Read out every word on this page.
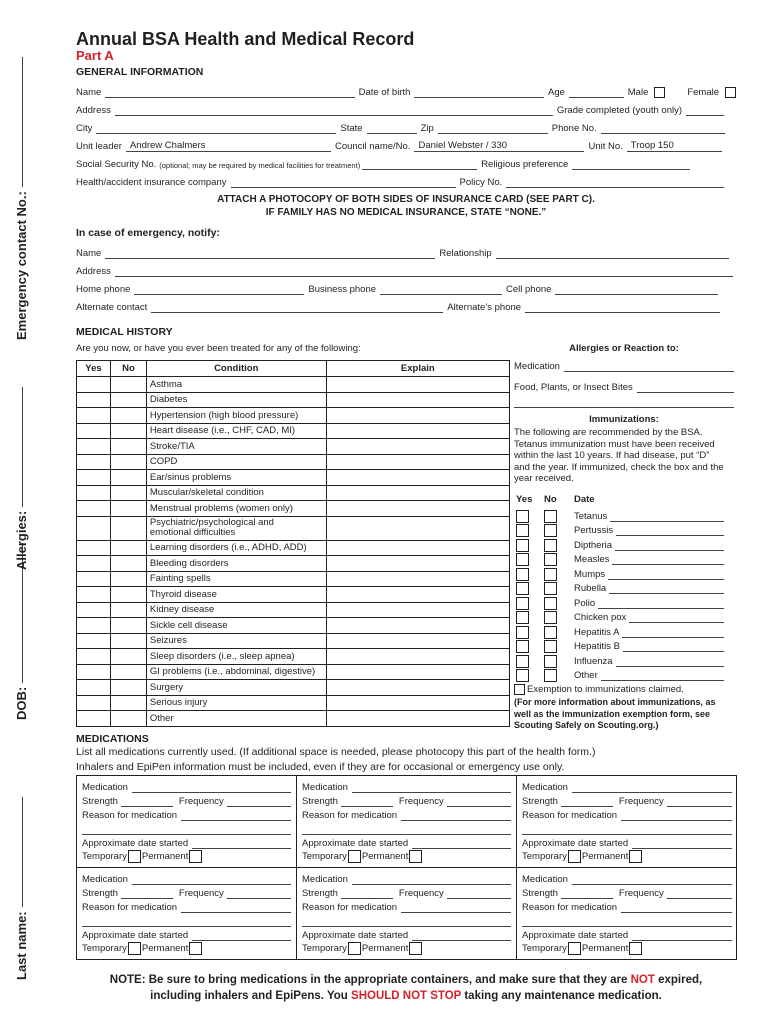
Last name:
DOB:
Allergies:
Emergency contact No.:
Annual BSA Health and Medical Record
Part A
GENERAL INFORMATION
Name	Date of birth	Age	Male	Female
Address	Grade completed (youth only)
City	State	Zip	Phone No.
Unit leader Andrew Chalmers	Council name/No. Daniel Webster / 330	Unit No. Troop 150
Social Security No. (optional; may be required by medical facilities for treatment)	Religious preference
Health/accident insurance company	Policy No.
ATTACH A PHOTOCOPY OF BOTH SIDES OF INSURANCE CARD (SEE PART C).
IF FAMILY HAS NO MEDICAL INSURANCE, STATE “NONE.”
In case of emergency, notify:
Name	Relationship
Address
Home phone	Business phone	Cell phone
Alternate contact	Alternate’s phone
MEDICAL HISTORY
Are you now, or have you ever been treated for any of the following:
Yes	No	Condition	Explain
		Asthma	
		Diabetes	
		Hypertension (high blood pressure)	
		Heart disease (i.e., CHF, CAD, MI)	
		Stroke/TIA	
		COPD	
		Ear/sinus problems	
		Muscular/skeletal condition	
		Menstrual problems (women only)	
		Psychiatric/psychological and
emotional difficulties	
		Learning disorders (i.e., ADHD, ADD)	
		Bleeding disorders	
		Fainting spells	
		Thyroid disease	
		Kidney disease	
		Sickle cell disease	
		Seizures	
		Sleep disorders (i.e., sleep apnea)	
		GI problems (i.e., abdominal, digestive)	
		Surgery	
		Serious injury	
		Other	
Allergies or Reaction to:
Medication
Food, Plants, or Insect Bites
Immunizations:
The following are recommended by the BSA. Tetanus immunization must have been received within the last 10 years. If had disease, put “D” and the year. If immunized, check the box and the year received.
Yes No Date
Tetanus
Pertussis
Diptheria
Measles
Mumps
Rubella
Polio
Chicken pox
Hepatitis A
Hepatitis B
Influenza
Other
Exemption to immunizations claimed.
(For more information about immunizations, as well as the immunization exemption form, see Scouting Safely on Scouting.org.)
MEDICATIONS
List all medications currently used. (If additional space is needed, please photocopy this part of the health form.)
Inhalers and EpiPen information must be included, even if they are for occasional or emergency use only.
Medication
Strength	Frequency
Reason for medication
Approximate date started
Temporary Permanent
Medication
Strength	Frequency
Reason for medication
Approximate date started
Temporary Permanent
Medication
Strength	Frequency
Reason for medication
Approximate date started
Temporary Permanent
Medication
Strength	Frequency
Reason for medication
Approximate date started
Temporary Permanent
Medication
Strength	Frequency
Reason for medication
Approximate date started
Temporary Permanent
Medication
Strength	Frequency
Reason for medication
Approximate date started
Temporary Permanent
NOTE: Be sure to bring medications in the appropriate containers, and make sure that they are NOT expired,
including inhalers and EpiPens. You SHOULD NOT STOP taking any maintenance medication.
